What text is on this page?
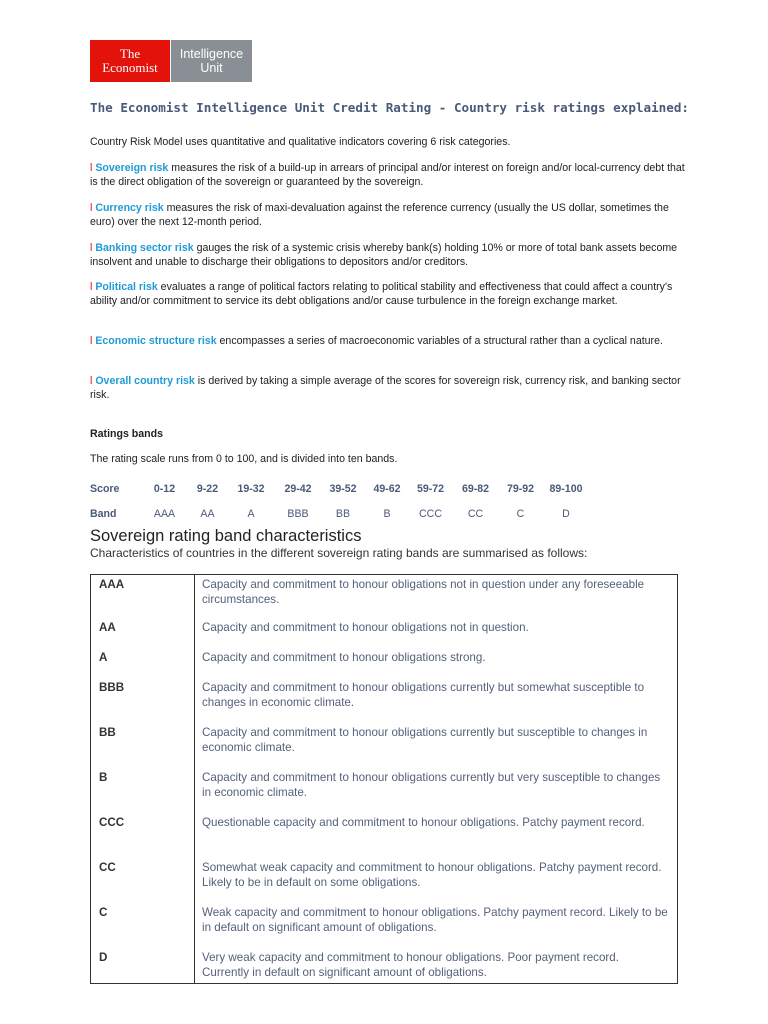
The
Economist
Intelligence
Unit
The Economist Intelligence Unit Credit Rating - Country risk ratings explained:
Country Risk Model uses quantitative and qualitative indicators covering 6 risk categories.
l Sovereign risk measures the risk of a build-up in arrears of principal and/or interest on foreign and/or local-currency debt that is the direct obligation of the sovereign or guaranteed by the sovereign.
l Currency risk measures the risk of maxi-devaluation against the reference currency (usually the US dollar, sometimes the euro) over the next 12-month period.
l Banking sector risk gauges the risk of a systemic crisis whereby bank(s) holding 10% or more of total bank assets become insolvent and unable to discharge their obligations to depositors and/or creditors.
l Political risk evaluates a range of political factors relating to political stability and effectiveness that could affect a country's ability and/or commitment to service its debt obligations and/or cause turbulence in the foreign exchange market.
l Economic structure risk encompasses a series of macroeconomic variables of a structural rather than a cyclical nature.
l Overall country risk is derived by taking a simple average of the scores for sovereign risk, currency risk, and banking sector risk.
Ratings bands
The rating scale runs from 0 to 100, and is divided into ten bands.
Score	0-12	9-22	19-32	29-42	39-52	49-62	59-72	69-82	79-92	89-100
Band	AAA	AA	A	BBB	BB	B	CCC	CC	C	D
Sovereign rating band characteristics
Characteristics of countries in the different sovereign rating bands are summarised as follows:
AAA	Capacity and commitment to honour obligations not in question under any foreseeable circumstances.
AA	Capacity and commitment to honour obligations not in question.
A	Capacity and commitment to honour obligations strong.
BBB	Capacity and commitment to honour obligations currently but somewhat susceptible to changes in economic climate.
BB	Capacity and commitment to honour obligations currently but susceptible to changes in economic climate.
B	Capacity and commitment to honour obligations currently but very susceptible to changes in economic climate.
CCC	Questionable capacity and commitment to honour obligations. Patchy payment record.
CC	Somewhat weak capacity and commitment to honour obligations. Patchy payment record. Likely to be in default on some obligations.
C	Weak capacity and commitment to honour obligations. Patchy payment record. Likely to be in default on significant amount of obligations.
D	Very weak capacity and commitment to honour obligations. Poor payment record. Currently in default on significant amount of obligations.
